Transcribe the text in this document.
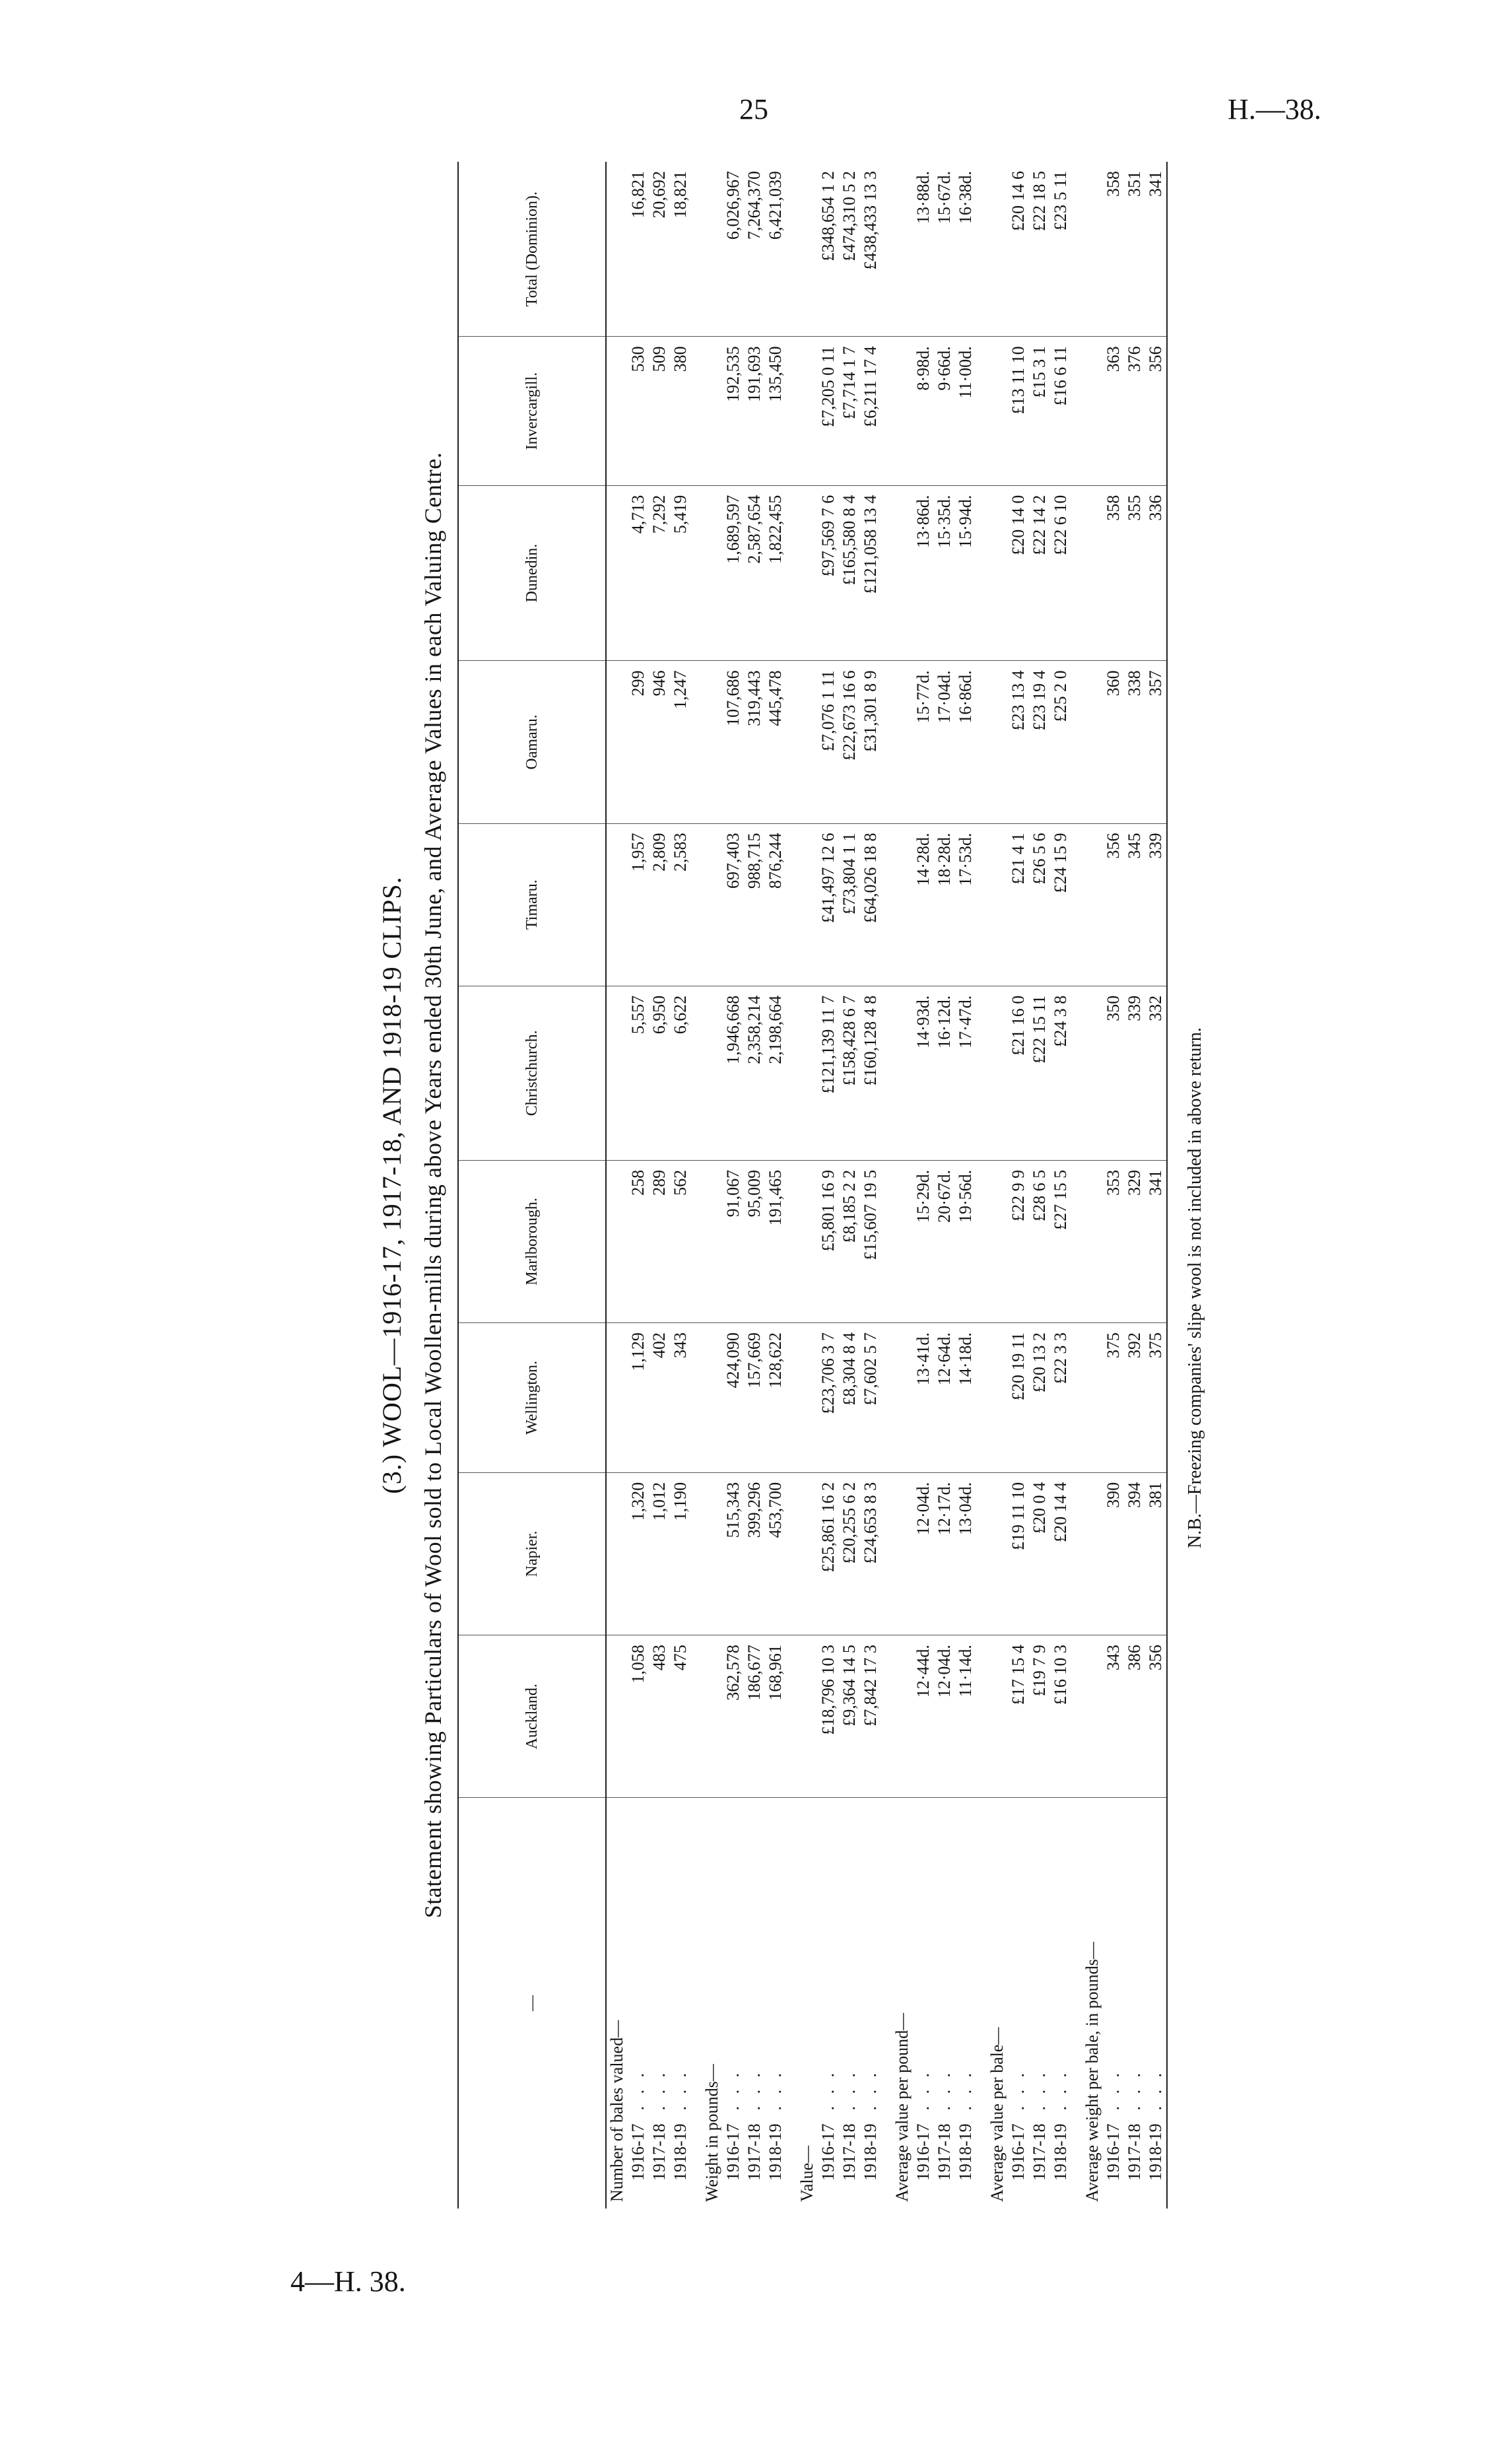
25	H.—38.
4—H. 38.
(3.) WOOL—1916-17, 1917-18, AND 1918-19 CLIPS. Statement showing Particulars of Wool sold to Local Woollen-mills during above Years ended 30th June, and Average Values in each Valuing Centre.
—	Auckland.	Napier.	Wellington.	Marlborough.	Christchurch.	Timaru.	Oamaru.	Dunedin.	Invercargill.	Total (Dominion).
Number of bales valued—										
1916-17. . .	1,058	1,320	1,129	258	5,557	1,957	299	4,713	530	16,821
1917-18. . .	483	1,012	402	289	6,950	2,809	946	7,292	509	20,692
1918-19. . .	475	1,190	343	562	6,622	2,583	1,247	5,419	380	18,821

Weight in pounds—										
1916-17. . .	362,578	515,343	424,090	91,067	1,946,668	697,403	107,686	1,689,597	192,535	6,026,967
1917-18. . .	186,677	399,296	157,669	95,009	2,358,214	988,715	319,443	2,587,654	191,693	7,264,370
1918-19. . .	168,961	453,700	128,622	191,465	2,198,664	876,244	445,478	1,822,455	135,450	6,421,039

Value—										
1916-17. . .	£18,796 10 3	£25,861 16 2	£23,706 3 7	£5,801 16 9	£121,139 11 7	£41,497 12 6	£7,076 1 11	£97,569 7 6	£7,205 0 11	£348,654 1 2
1917-18. . .	£9,364 14 5	£20,255 6 2	£8,304 8 4	£8,185 2 2	£158,428 6 7	£73,804 1 1	£22,673 16 6	£165,580 8 4	£7,714 1 7	£474,310 5 2
1918-19. . .	£7,842 17 3	£24,653 8 3	£7,602 5 7	£15,607 19 5	£160,128 4 8	£64,026 18 8	£31,301 8 9	£121,058 13 4	£6,211 17 4	£438,433 13 3

Average value per pound—										
1916-17. . .	12·44d.	12·04d.	13·41d.	15·29d.	14·93d.	14·28d.	15·77d.	13·86d.	8·98d.	13·88d.
1917-18. . .	12·04d.	12·17d.	12·64d.	20·67d.	16·12d.	18·28d.	17·04d.	15·35d.	9·66d.	15·67d.
1918-19. . .	11·14d.	13·04d.	14·18d.	19·56d.	17·47d.	17·53d.	16·86d.	15·94d.	11·00d.	16·38d.

Average value per bale—										
1916-17. . .	£17 15 4	£19 11 10	£20 19 11	£22 9 9	£21 16 0	£21 4 1	£23 13 4	£20 14 0	£13 11 10	£20 14 6
1917-18. . .	£19 7 9	£20 0 4	£20 13 2	£28 6 5	£22 15 11	£26 5 6	£23 19 4	£22 14 2	£15 3 1	£22 18 5
1918-19. . .	£16 10 3	£20 14 4	£22 3 3	£27 15 5	£24 3 8	£24 15 9	£25 2 0	£22 6 10	£16 6 11	£23 5 11

Average weight per bale, in pounds—										
1916-17. . .	343	390	375	353	350	356	360	358	363	358
1917-18. . .	386	394	392	329	339	345	338	355	376	351
1918-19. . .	356	381	375	341	332	339	357	336	356	341
N.B.—Freezing companies' slipe wool is not included in above return.
